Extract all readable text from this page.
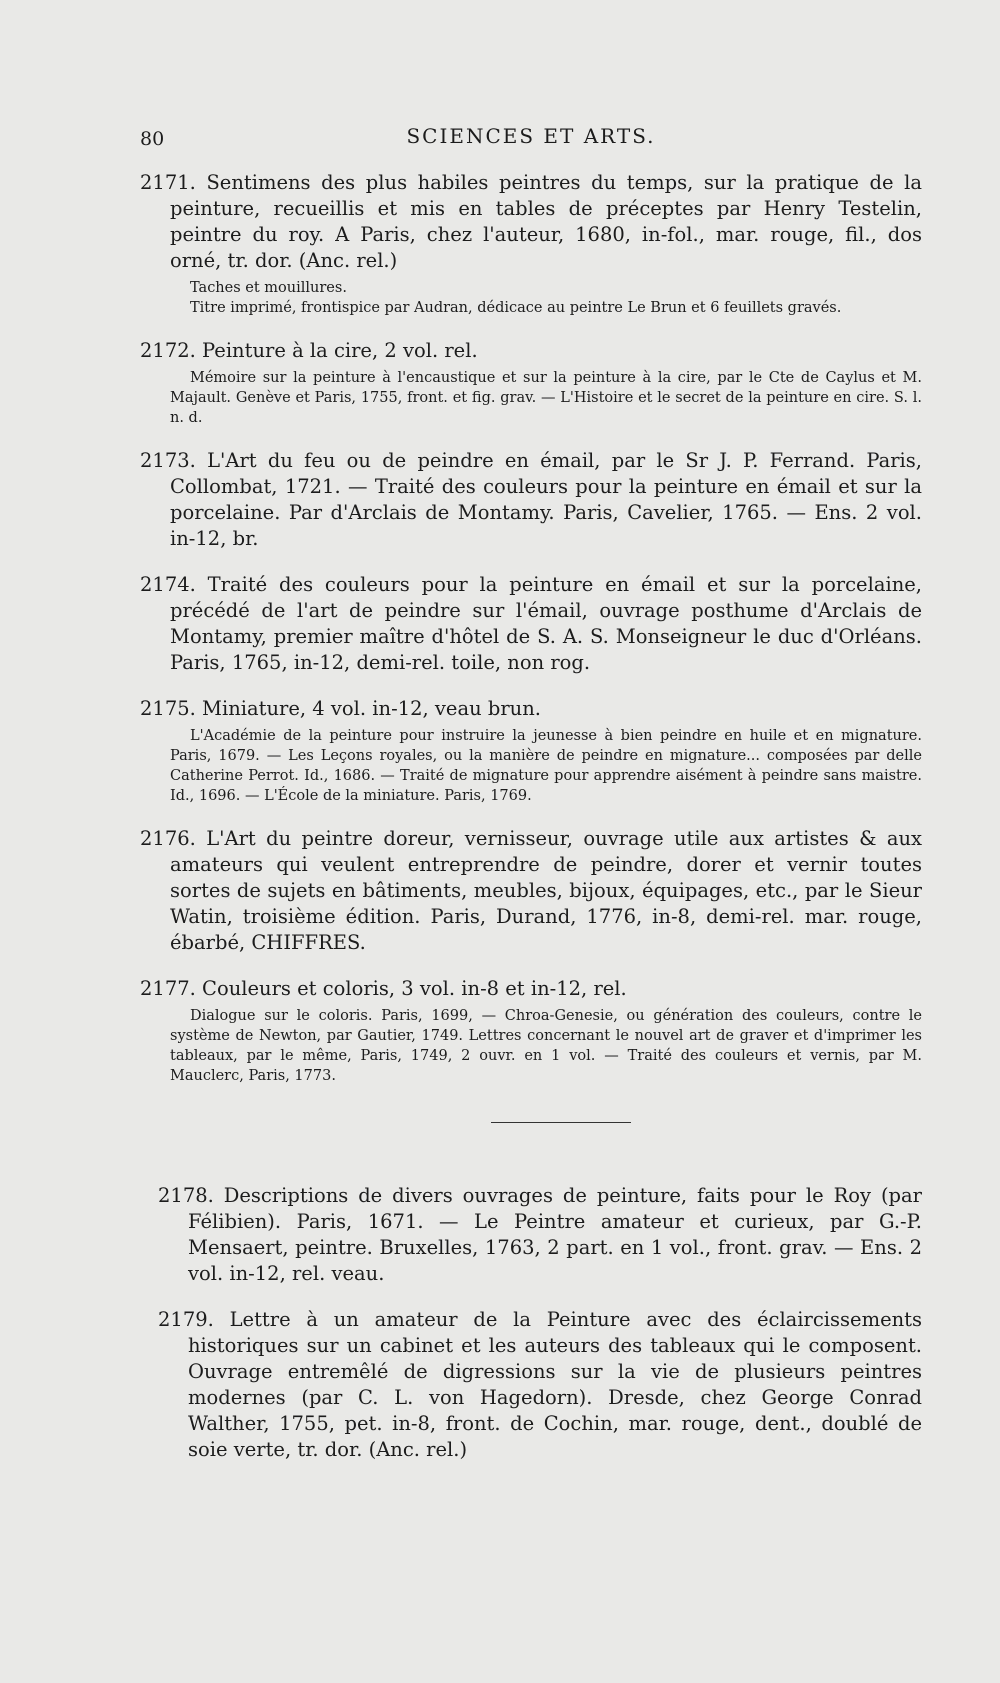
80	SCIENCES ET ARTS.

2171. Sentimens des plus habiles peintres du temps, sur la pratique de la peinture, recueillis et mis en tables de préceptes par Henry Testelin, peintre du roy. A Paris, chez l'auteur, 1680, in-fol., mar. rouge, fil., dos orné, tr. dor. (Anc. rel.)

Taches et mouillures.
Titre imprimé, frontispice par Audran, dédicace au peintre Le Brun et 6 feuillets gravés.

2172. Peinture à la cire, 2 vol. rel.

Mémoire sur la peinture à l'encaustique et sur la peinture à la cire, par le Cte de Caylus et M. Majault. Genève et Paris, 1755, front. et fig. grav. — L'Histoire et le secret de la peinture en cire. S. l. n. d.

2173. L'Art du feu ou de peindre en émail, par le Sr J. P. Ferrand. Paris, Collombat, 1721. — Traité des couleurs pour la peinture en émail et sur la porcelaine. Par d'Arclais de Montamy. Paris, Cavelier, 1765. — Ens. 2 vol. in-12, br.

2174. Traité des couleurs pour la peinture en émail et sur la porcelaine, précédé de l'art de peindre sur l'émail, ouvrage posthume d'Arclais de Montamy, premier maître d'hôtel de S. A. S. Monseigneur le duc d'Orléans. Paris, 1765, in-12, demi-rel. toile, non rog.

2175. Miniature, 4 vol. in-12, veau brun.

L'Académie de la peinture pour instruire la jeunesse à bien peindre en huile et en mignature. Paris, 1679. — Les Leçons royales, ou la manière de peindre en mignature... composées par delle Catherine Perrot. Id., 1686. — Traité de mignature pour apprendre aisément à peindre sans maistre. Id., 1696. — L'École de la miniature. Paris, 1769.

2176. L'Art du peintre doreur, vernisseur, ouvrage utile aux artistes & aux amateurs qui veulent entreprendre de peindre, dorer et vernir toutes sortes de sujets en bâtiments, meubles, bijoux, équipages, etc., par le Sieur Watin, troisième édition. Paris, Durand, 1776, in-8, demi-rel. mar. rouge, ébarbé, CHIFFRES.

2177. Couleurs et coloris, 3 vol. in-8 et in-12, rel.

Dialogue sur le coloris. Paris, 1699, — Chroa-Genesie, ou génération des couleurs, contre le système de Newton, par Gautier, 1749. Lettres concernant le nouvel art de graver et d'imprimer les tableaux, par le même, Paris, 1749, 2 ouvr. en 1 vol. — Traité des couleurs et vernis, par M. Mauclerc, Paris, 1773.

2178. Descriptions de divers ouvrages de peinture, faits pour le Roy (par Félibien). Paris, 1671. — Le Peintre amateur et curieux, par G.-P. Mensaert, peintre. Bruxelles, 1763, 2 part. en 1 vol., front. grav. — Ens. 2 vol. in-12, rel. veau.

2179. Lettre à un amateur de la Peinture avec des éclaircissements historiques sur un cabinet et les auteurs des tableaux qui le composent. Ouvrage entremêlé de digressions sur la vie de plusieurs peintres modernes (par C. L. von Hagedorn). Dresde, chez George Conrad Walther, 1755, pet. in-8, front. de Cochin, mar. rouge, dent., doublé de soie verte, tr. dor. (Anc. rel.)
